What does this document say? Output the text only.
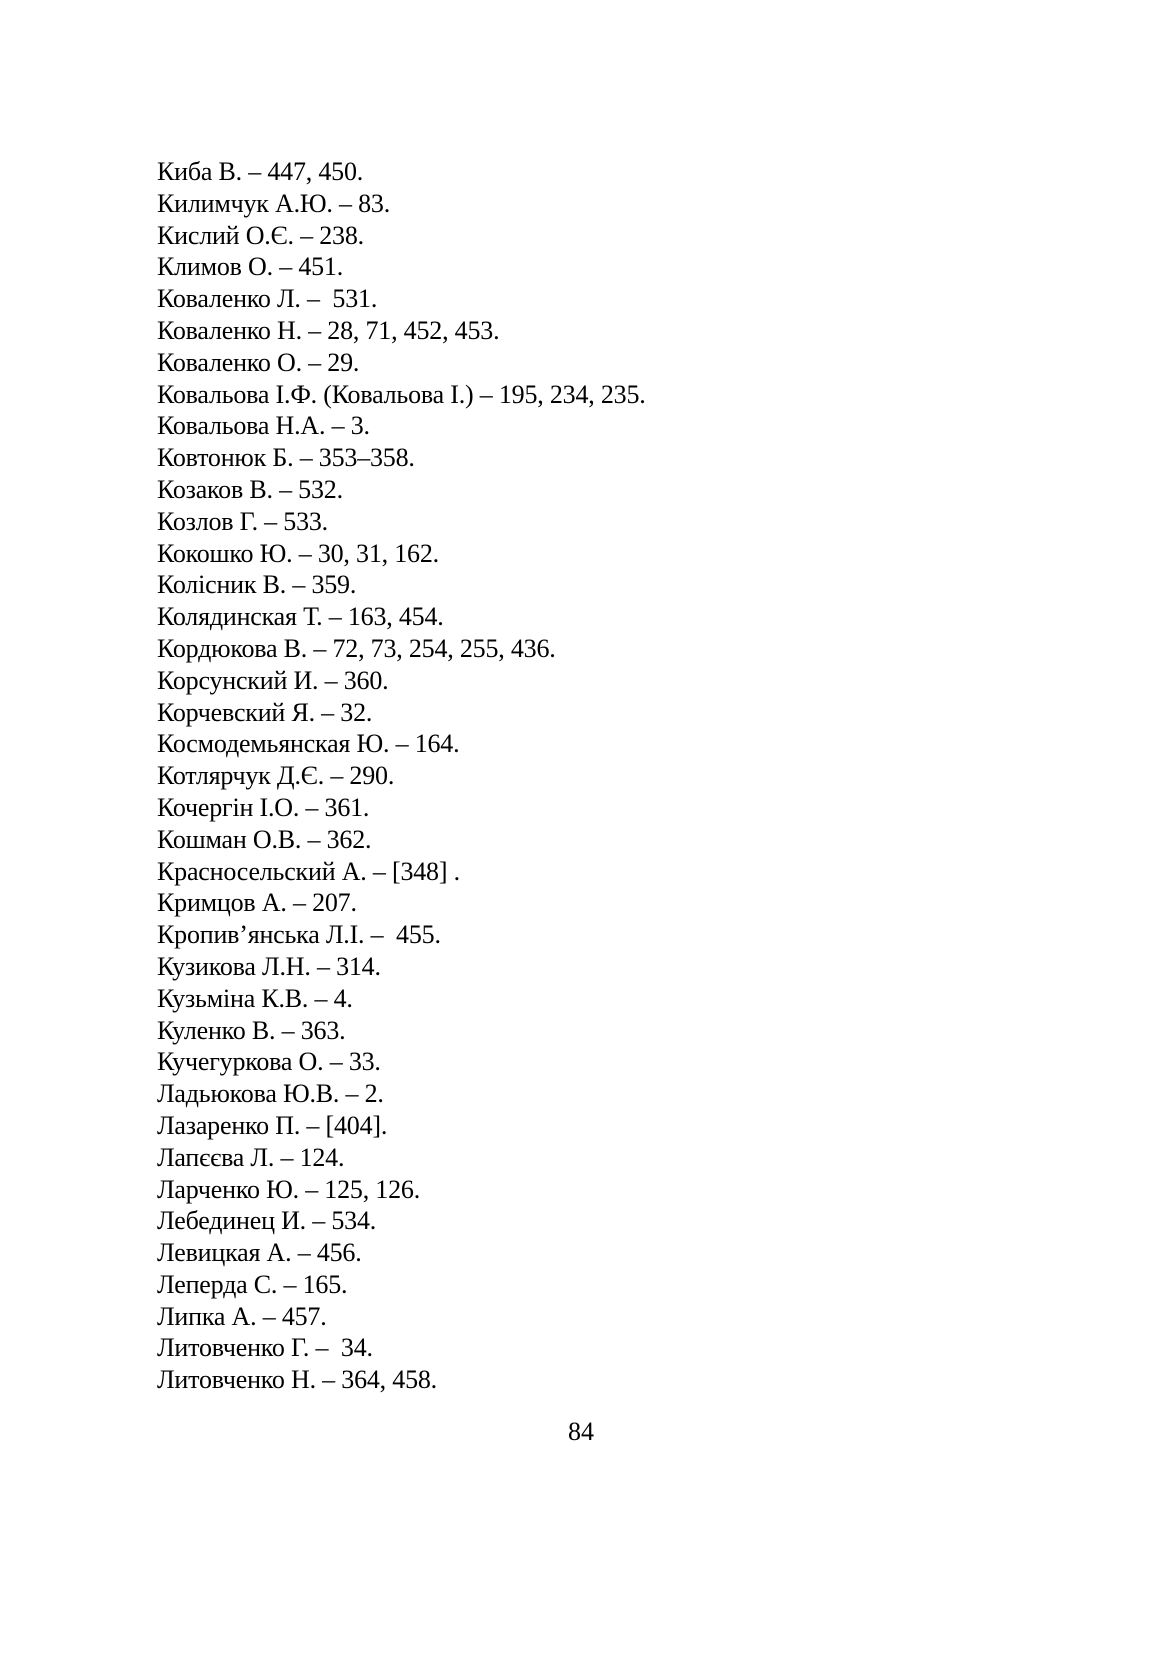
Киба В. – 447, 450.
Килимчук А.Ю. – 83.
Кислий О.Є. – 238.
Климов О. – 451.
Коваленко Л. –  531.
Коваленко Н. – 28, 71, 452, 453.
Коваленко О. – 29.
Ковальова І.Ф. (Ковальова І.) – 195, 234, 235.
Ковальова Н.А. – 3.
Ковтонюк Б. – 353–358.
Козаков В. – 532.
Козлов Г. – 533.
Кокошко Ю. – 30, 31, 162.
Колісник В. – 359.
Колядинская Т. – 163, 454.
Кордюкова В. – 72, 73, 254, 255, 436.
Корсунский И. – 360.
Корчевский Я. – 32.
Космодемьянская Ю. – 164.
Котлярчук Д.Є. – 290.
Кочергін І.О. – 361.
Кошман О.В. – 362.
Красносельский А. – [348] .
Кримцов А. – 207.
Кропив’янська Л.І. –  455.
Кузикова Л.Н. – 314.
Кузьміна К.В. – 4.
Куленко В. – 363.
Кучегуркова О. – 33.
Ладьюкова Ю.В. – 2.
Лазаренко П. – [404].
Лапєєва Л. – 124.
Ларченко Ю. – 125, 126.
Лебединец И. – 534.
Левицкая А. – 456.
Леперда С. – 165.
Липка А. – 457.
Литовченко Г. –  34.
Литовченко Н. – 364, 458.
84
